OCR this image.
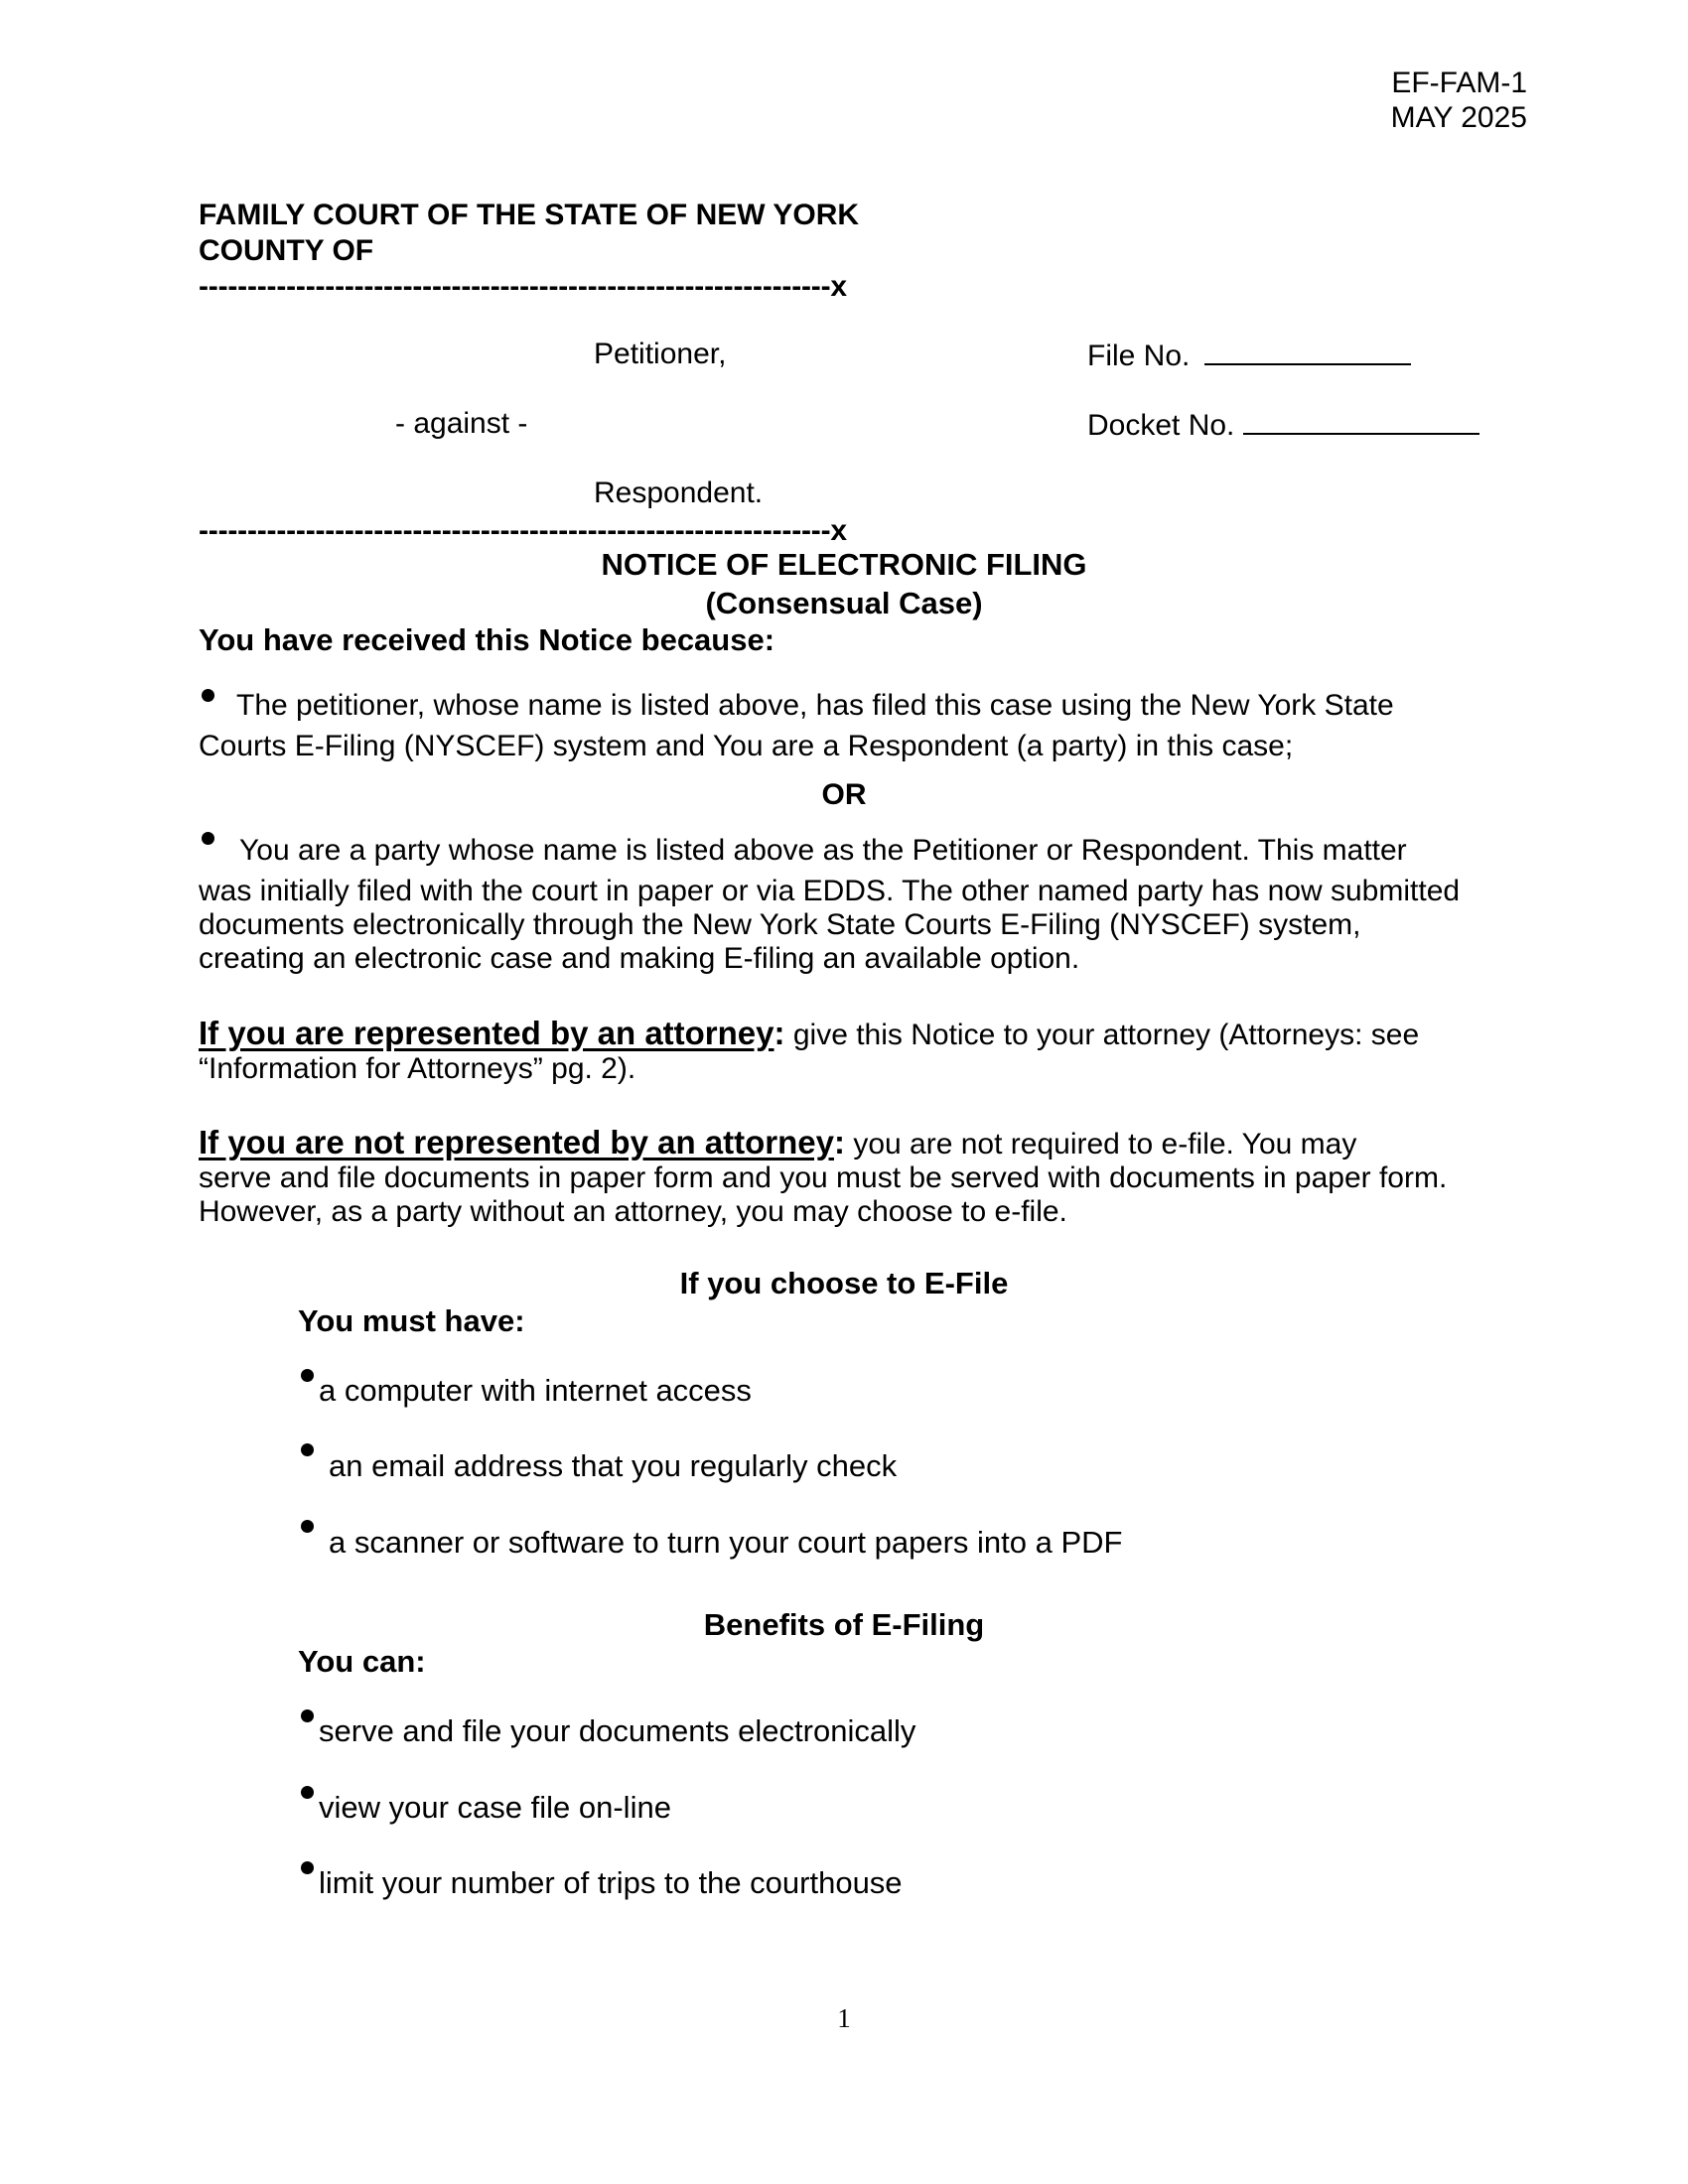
EF-FAM-1
MAY 2025
FAMILY COURT OF THE STATE OF NEW YORK
COUNTY OF
-----------------------------------------------------------------x
Petitioner,	File No.
- against -	Docket No.
Respondent.
-----------------------------------------------------------------x
NOTICE OF ELECTRONIC FILING
(Consensual Case)
You have received this Notice because:
The petitioner, whose name is listed above, has filed this case using the New York State
Courts E-Filing (NYSCEF) system and You are a Respondent (a party) in this case;
OR
You are a party whose name is listed above as the Petitioner or Respondent. This matter
was initially filed with the court in paper or via EDDS. The other named party has now submitted
documents electronically through the New York State Courts E-Filing (NYSCEF) system,
creating an electronic case and making E-filing an available option.
If you are represented by an attorney: give this Notice to your attorney (Attorneys: see
“Information for Attorneys” pg. 2).
If you are not represented by an attorney: you are not required to e-file. You may
serve and file documents in paper form and you must be served with documents in paper form.
However, as a party without an attorney, you may choose to e-file.
If you choose to E-File
You must have:
a computer with internet access
an email address that you regularly check
a scanner or software to turn your court papers into a PDF
Benefits of E-Filing
You can:
serve and file your documents electronically
view your case file on-line
limit your number of trips to the courthouse
1
